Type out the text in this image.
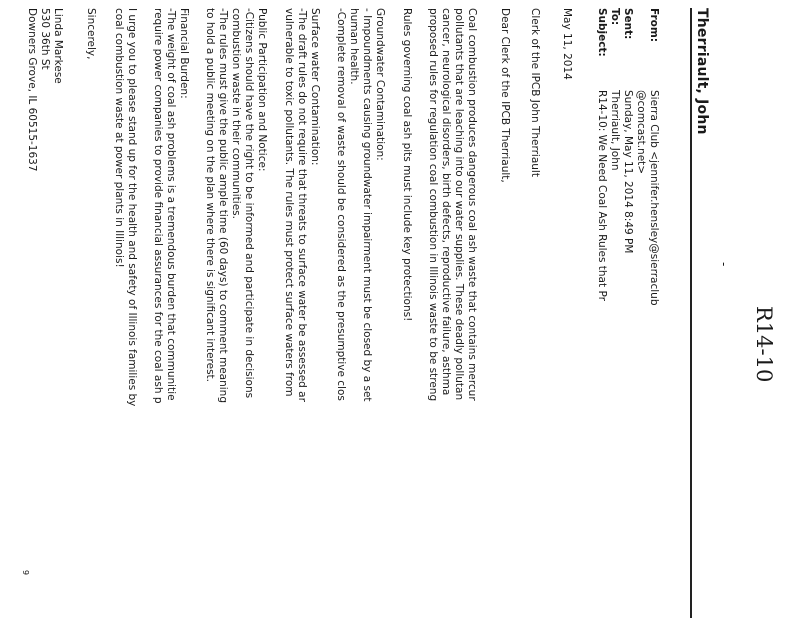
R14-10
-
Therriault, John
From:
Sierra Club <jennifer.hensley@sierraclub
@comcast.net>
Sent:
Sunday, May 11, 2014 8:49 PM
To:
Therriault, John
Subject:
R14-10: We Need Coal Ash Rules that Pr
May 11, 2014
Clerk of the IPCB John Therriault
Dear Clerk of the IPCB Therriault,
Coal combustion produces dangerous coal ash waste that contains mercur
pollutants that are leaching into our water supplies. These deadly pollutan
cancer, neurological disorders, birth defects, reproductive failure, asthma
proposed rules for regulation coal combustion in Illinois waste to be streng
Rules governing coal ash pits must include key protections!
Groundwater Contamination:
- Impoundments causing groundwater impairment must be closed by a set
human health.
-Complete removal of waste should be considered as the presumptive clos
Surface water Contamination:
-The draft rules do not require that threats to surface water be assessed ar
vulnerable to toxic pollutants. The rules must protect surface waters from
Public Participation and Notice:
-Citizens should have the right to be informed and participate in decisions
combustion waste in their communities.
-The rules must give the public ample time (60 days) to comment meaning
to hold a public meeting on the plan where there is significant interest.
Financial Burden:
-The weight of coal ash problems is a tremendous burden that communitie
require power companies to provide financial assurances for the coal ash p
I urge you to please stand up for the health and safety of Illinois families by
coal combustion waste at power plants in Illinois!
Sincerely,
Linda Markese
530 36th St
Downers Grove, IL 60515-1637
9
